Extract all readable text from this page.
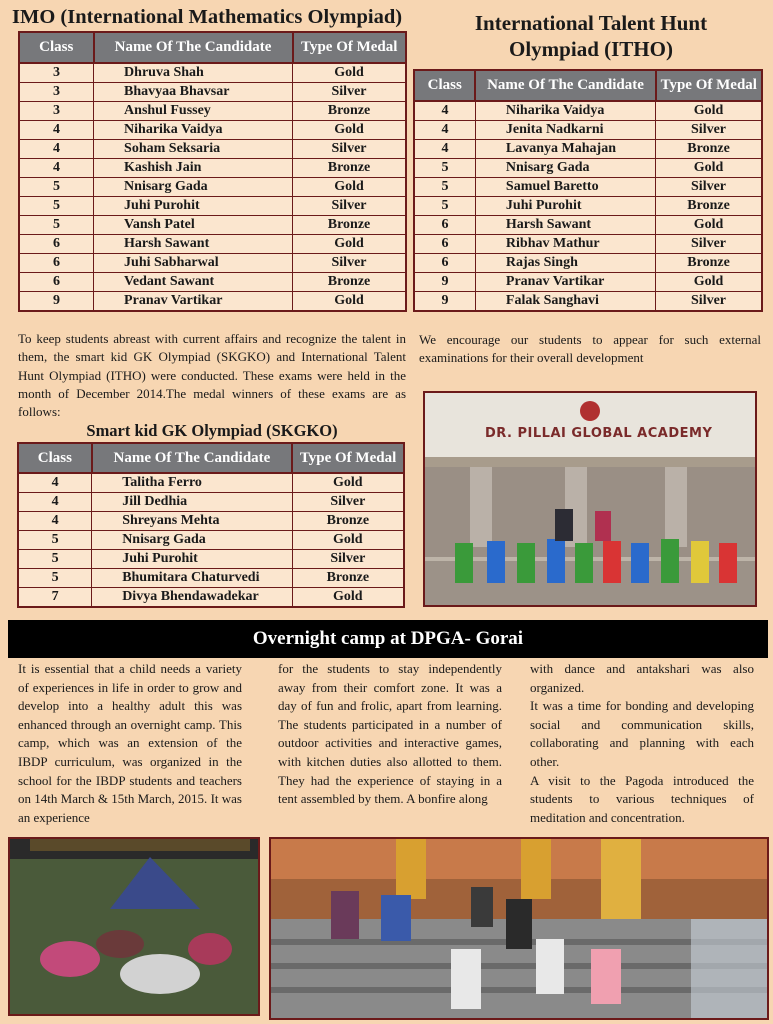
IMO (International Mathematics Olympiad)
Class	Name Of The Candidate	Type Of Medal
3	Dhruva Shah	Gold
3	Bhavyaa Bhavsar	Silver
3	Anshul Fussey	Bronze
4	Niharika Vaidya	Gold
4	Soham Seksaria	Silver
4	Kashish Jain	Bronze
5	Nnisarg Gada	Gold
5	Juhi Purohit	Silver
5	Vansh Patel	Bronze
6	Harsh Sawant	Gold
6	Juhi Sabharwal	Silver
6	Vedant Sawant	Bronze
9	Pranav Vartikar	Gold
International Talent Hunt
Olympiad (ITHO)
Class	Name Of The Candidate	Type Of Medal
4	Niharika Vaidya	Gold
4	Jenita Nadkarni	Silver
4	Lavanya Mahajan	Bronze
5	Nnisarg Gada	Gold
5	Samuel Baretto	Silver
5	Juhi Purohit	Bronze
6	Harsh Sawant	Gold
6	Ribhav Mathur	Silver
6	Rajas Singh	Bronze
9	Pranav Vartikar	Gold
9	Falak Sanghavi	Silver

To keep students abreast with current affairs and recognize the talent in them, the smart kid GK Olympiad (SKGKO) and International Talent Hunt Olympiad (ITHO) were conducted. These exams were held in the month of December 2014.The medal winners of these exams are as follows:

We encourage our students to appear for such external examinations for their overall development

Smart kid GK Olympiad (SKGKO)
Class	Name Of The Candidate	Type Of Medal
4	Talitha Ferro	Gold
4	Jill Dedhia	Silver
4	Shreyans Mehta	Bronze
5	Nnisarg Gada	Gold
5	Juhi Purohit	Silver
5	Bhumitara Chaturvedi	Bronze
7	Divya Bhendawadekar	Gold
DR. PILLAI GLOBAL ACADEMY
Overnight camp at DPGA- Gorai

It is essential that a child needs a variety of experiences in life in order to grow and develop into a healthy adult this was enhanced through an overnight camp. This camp, which was an extension of the IBDP curriculum, was organized in the school for the IBDP students and teachers on 14th March & 15th March, 2015. It was an experience

for the students to stay independently away from their comfort zone. It was a day of fun and frolic, apart from learning. The students participated in a number of outdoor activities and interactive games, with kitchen duties also allotted to them. They had the experience of staying in a tent assembled by them. A bonfire along

with dance and antakshari was also organized.

It was a time for bonding and developing social and communication skills, collaborating and planning with each other.

A visit to the Pagoda introduced the students to various techniques of meditation and concentration.
